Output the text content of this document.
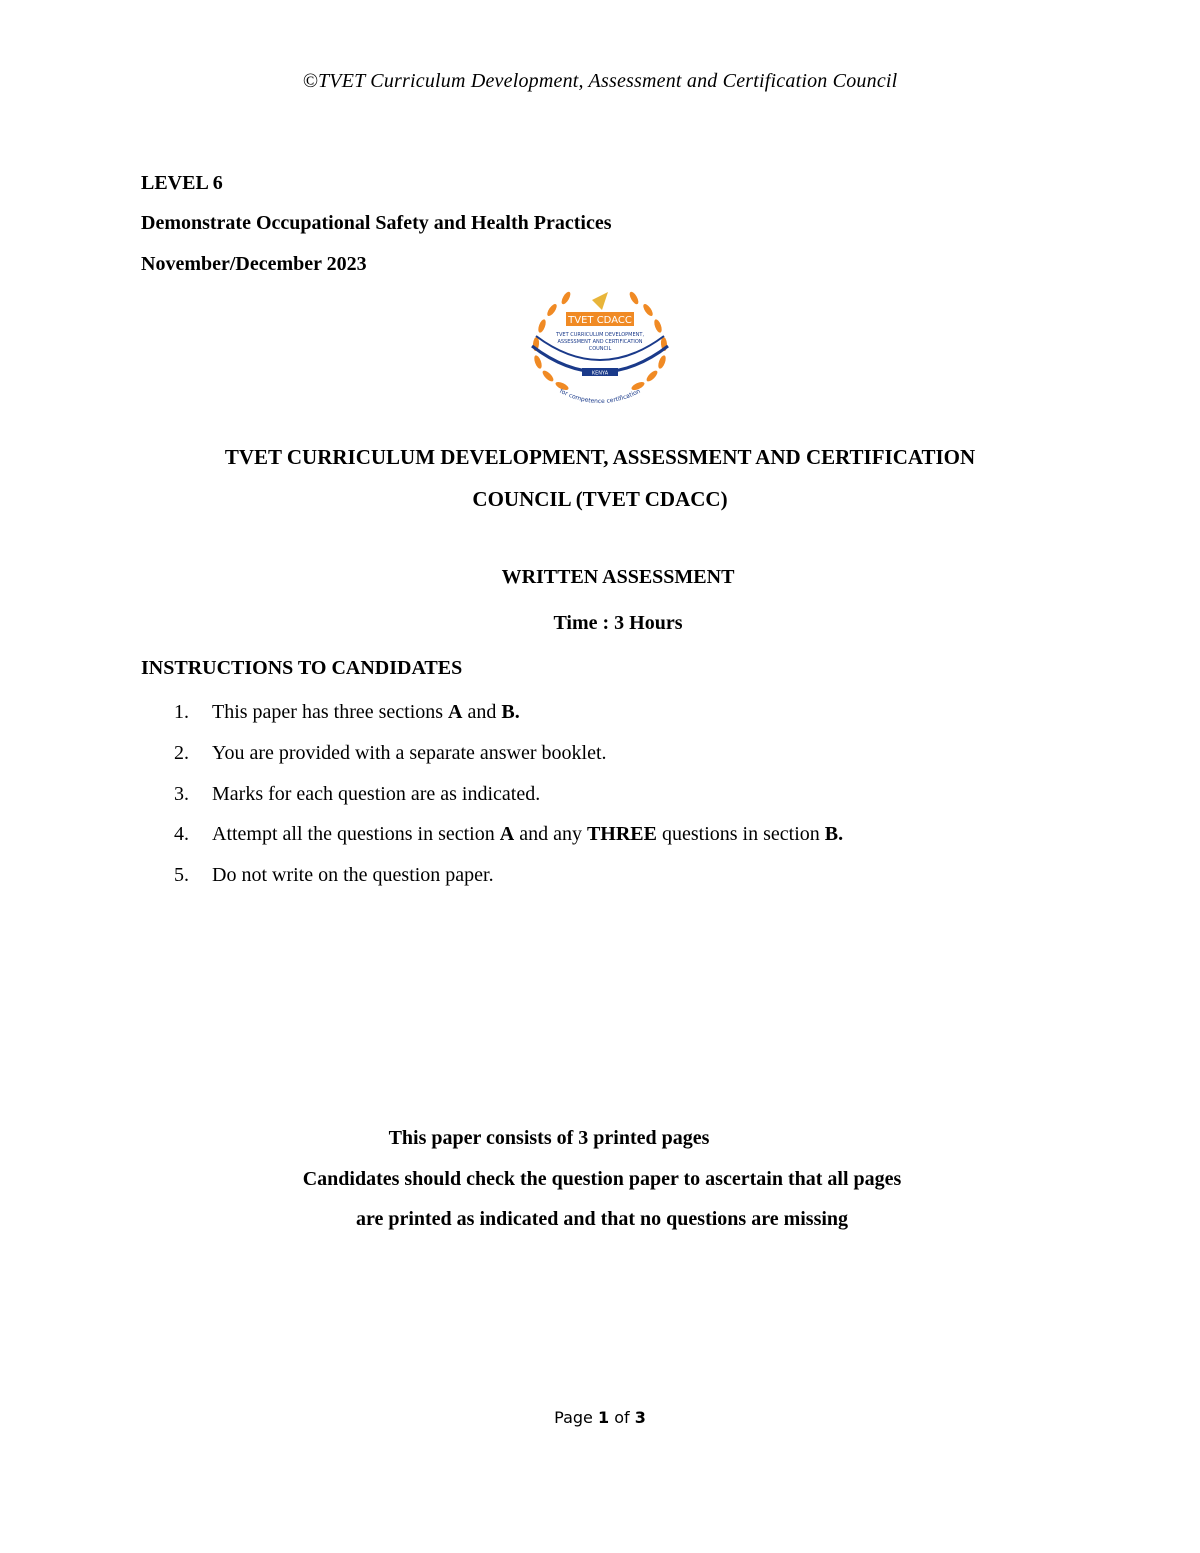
©TVET Curriculum Development, Assessment and Certification Council
LEVEL 6
Demonstrate Occupational Safety and Health Practices
November/December 2023
TVET CDACC
TVET CURRICULUM DEVELOPMENT,
ASSESSMENT AND CERTIFICATION
COUNCIL
KENYA
for competence certification
TVET CURRICULUM DEVELOPMENT, ASSESSMENT AND CERTIFICATION
COUNCIL (TVET CDACC)
WRITTEN ASSESSMENT
Time : 3 Hours
INSTRUCTIONS TO CANDIDATES
1. This paper has three sections A and B.
2. You are provided with a separate answer booklet.
3. Marks for each question are as indicated.
4. Attempt all the questions in section A and any THREE questions in section B.
5. Do not write on the question paper.
This paper consists of 3 printed pages
Candidates should check the question paper to ascertain that all pages
are printed as indicated and that no questions are missing
Page 1 of 3
